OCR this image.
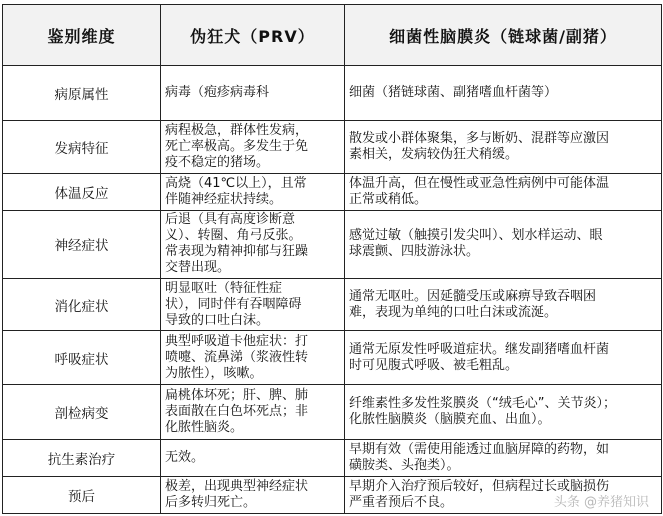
鉴别维度	伪狂犬（PRV）	细菌性脑膜炎（链球菌/副猪）
病原属性	病毒（疱疹病毒科	细菌（猪链球菌、副猪嗜血杆菌等）

发病特征	病程极急，群体性发病，
死亡率极高。多发生于免
疫不稳定的猪场。	散发或小群体聚集，多与断奶、混群等应激因
素相关，发病较伪狂犬稍缓。

体温反应	高烧（41℃以上），且常
伴随神经症状持续。	体温升高，但在慢性或亚急性病例中可能体温
正常或稍低。

神经症状	后退（具有高度诊断意
义）、转圈、角弓反张。
常表现为精神抑郁与狂躁
交替出现。	感觉过敏（触摸引发尖叫）、划水样运动、眼
球震颤、四肢游泳状。

消化症状	明显呕吐（特征性症
状），同时伴有吞咽障碍
导致的口吐白沫。	通常无呕吐。因延髓受压或麻痹导致吞咽困
难，表现为单纯的口吐白沫或流涎。

呼吸症状	典型呼吸道卡他症状：打
喷嚏、流鼻涕（浆液性转
为脓性），咳嗽。	通常无原发性呼吸道症状。继发副猪嗜血杆菌
时可见腹式呼吸、被毛粗乱。

剖检病变	扁桃体坏死；肝、脾、肺
表面散在白色坏死点；非
化脓性脑炎。	纤维素性多发性浆膜炎（“绒毛心”、关节炎）；
化脓性脑膜炎（脑膜充血、出血）。

抗生素治疗	无效。	早期有效（需使用能透过血脑屏障的药物，如
磺胺类、头孢类）。

预后	极差，出现典型神经症状
后多转归死亡。	早期介入治疗预后较好，但病程过长或脑损伤
严重者预后不良。	头条 @养猪知识
